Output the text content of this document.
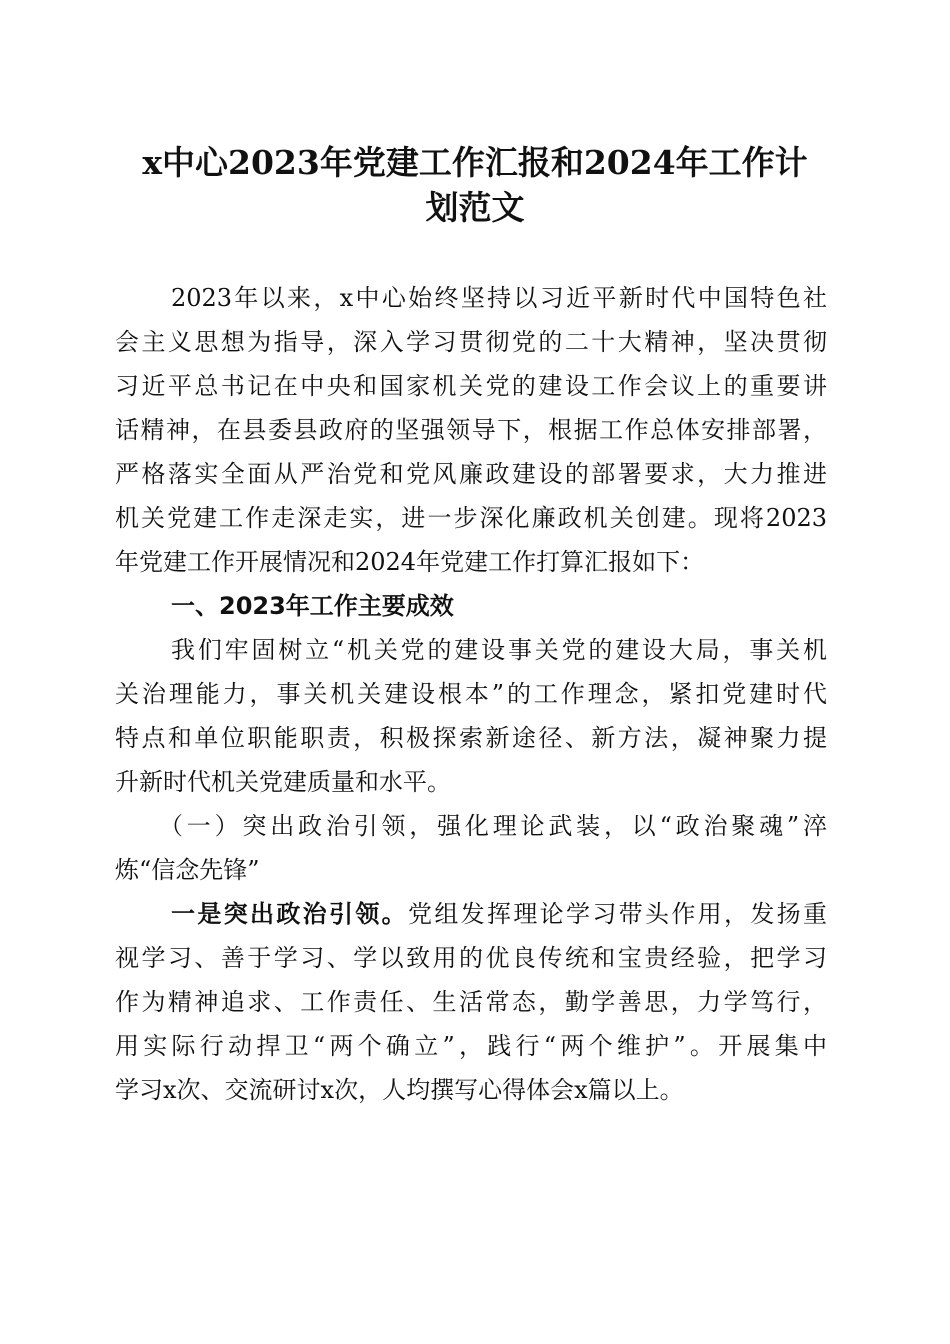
x中心2023年党建工作汇报和2024年工作计
划范文
2023年以来，x中心始终坚持以习近平新时代中国特色社
会主义思想为指导，深入学习贯彻党的二十大精神，坚决贯彻
习近平总书记在中央和国家机关党的建设工作会议上的重要讲
话精神，在县委县政府的坚强领导下，根据工作总体安排部署，
严格落实全面从严治党和党风廉政建设的部署要求，大力推进
机关党建工作走深走实，进一步深化廉政机关创建。现将2023
年党建工作开展情况和2024年党建工作打算汇报如下：
一、2023年工作主要成效
我们牢固树立“机关党的建设事关党的建设大局，事关机
关治理能力，事关机关建设根本”的工作理念，紧扣党建时代
特点和单位职能职责，积极探索新途径、新方法，凝神聚力提
升新时代机关党建质量和水平。
（一）突出政治引领，强化理论武装，以“政治聚魂”淬
炼“信念先锋”
一是突出政治引领。党组发挥理论学习带头作用，发扬重
视学习、善于学习、学以致用的优良传统和宝贵经验，把学习
作为精神追求、工作责任、生活常态，勤学善思，力学笃行，
用实际行动捍卫“两个确立”，践行“两个维护”。开展集中
学习x次、交流研讨x次，人均撰写心得体会x篇以上。
